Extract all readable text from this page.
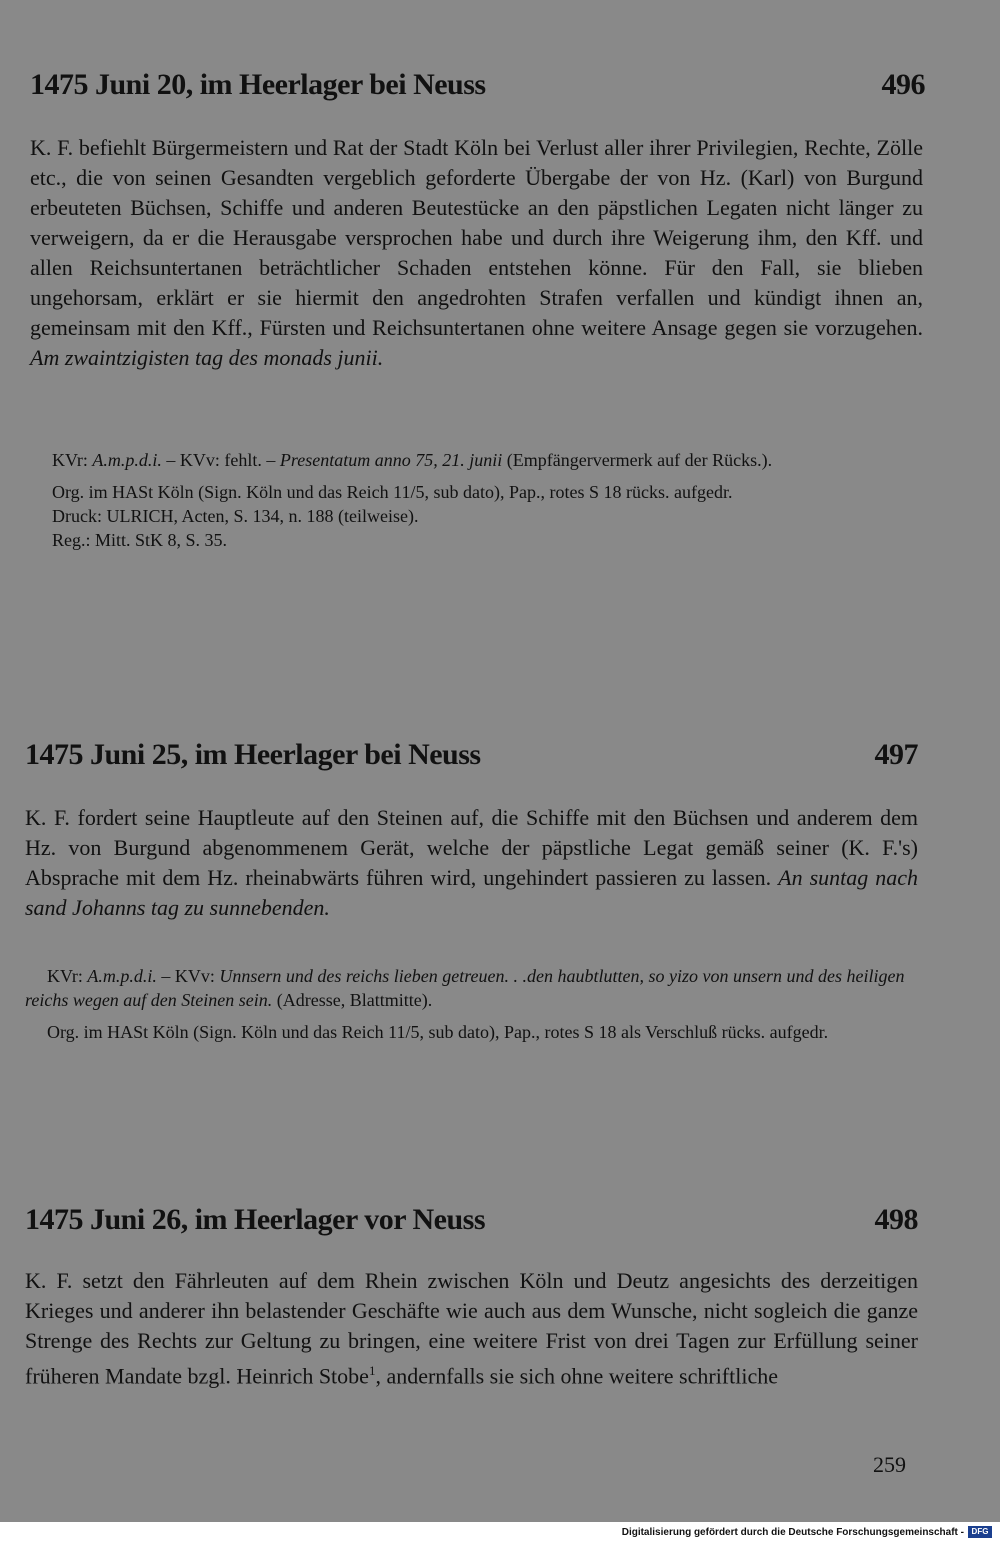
1475 Juni 20, im Heerlager bei Neuss	496
K. F. befiehlt Bürgermeistern und Rat der Stadt Köln bei Verlust aller ihrer Privilegien, Rechte, Zölle etc., die von seinen Gesandten vergeblich geforderte Übergabe der von Hz. (Karl) von Burgund erbeuteten Büchsen, Schiffe und anderen Beutestücke an den päpstlichen Legaten nicht länger zu verweigern, da er die Herausgabe versprochen habe und durch ihre Weigerung ihm, den Kff. und allen Reichsuntertanen beträchtlicher Schaden entstehen könne. Für den Fall, sie blieben ungehorsam, erklärt er sie hiermit den angedrohten Strafen verfallen und kündigt ihnen an, gemeinsam mit den Kff., Fürsten und Reichsuntertanen ohne weitere Ansage gegen sie vorzugehen. Am zwaintzigisten tag des monads junii.

KVr: A.m.p.d.i. – KVv: fehlt. – Presentatum anno 75, 21. junii (Empfängervermerk auf der Rücks.).

Org. im HASt Köln (Sign. Köln und das Reich 11/5, sub dato), Pap., rotes S 18 rücks. aufgedr.

Druck: ULRICH, Acten, S. 134, n. 188 (teilweise).

Reg.: Mitt. StK 8, S. 35.

1475 Juni 25, im Heerlager bei Neuss	497
K. F. fordert seine Hauptleute auf den Steinen auf, die Schiffe mit den Büchsen und anderem dem Hz. von Burgund abgenommenem Gerät, welche der päpstliche Legat gemäß seiner (K. F.'s) Absprache mit dem Hz. rheinabwärts führen wird, ungehindert passieren zu lassen. An suntag nach sand Johanns tag zu sunnebenden.

KVr: A.m.p.d.i. – KVv: Unnsern und des reichs lieben getreuen. . .den haubtlutten, so yizo von unsern und des heiligen reichs wegen auf den Steinen sein. (Adresse, Blattmitte).

Org. im HASt Köln (Sign. Köln und das Reich 11/5, sub dato), Pap., rotes S 18 als Verschluß rücks. aufgedr.

1475 Juni 26, im Heerlager vor Neuss	498
K. F. setzt den Fährleuten auf dem Rhein zwischen Köln und Deutz angesichts des derzeitigen Krieges und anderer ihn belastender Geschäfte wie auch aus dem Wunsche, nicht sogleich die ganze Strenge des Rechts zur Geltung zu bringen, eine weitere Frist von drei Tagen zur Erfüllung seiner früheren Mandate bzgl. Heinrich Stobe$^1$, andernfalls sie sich ohne weitere schriftliche
259
Digitalisierung gefördert durch die Deutsche Forschungsgemeinschaft - DFG
